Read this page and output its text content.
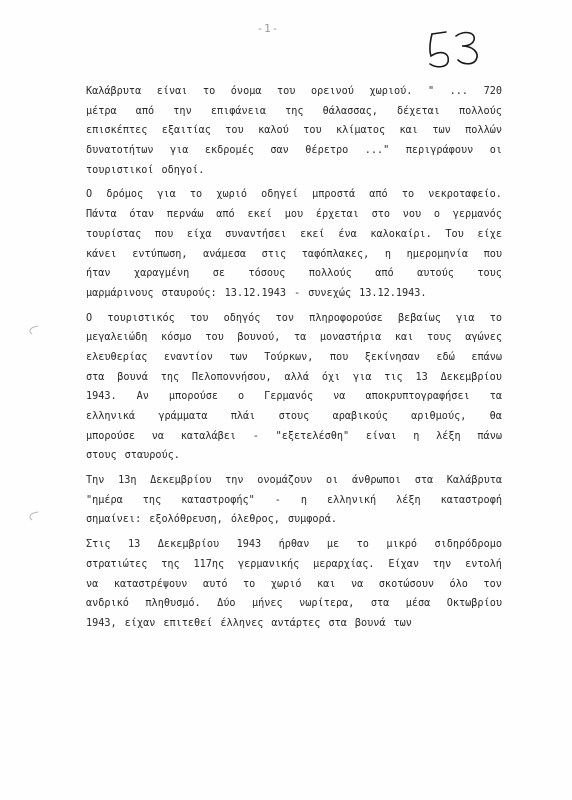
-1-
Καλάβρυτα είναι το όνομα του ορεινού χωριού. " ... 720
μέτρα από την επιφάνεια της θάλασσας, δέχεται πολλούς
επισκέπτες εξαιτίας του καλού του κλίματος και των πολλών
δυνατοτήτων για εκδρομές σαν θέρετρο ..." περιγράφουν οι
τουριστικοί οδηγοί.
Ο δρόμος για το χωριό οδηγεί μπροστά από το νεκροταφείο.
Πάντα όταν περνάω από εκεί μου έρχεται στο νου ο γερμανός
τουρίστας που είχα συναντήσει εκεί ένα καλοκαίρι. Του είχε
κάνει εντύπωση, ανάμεσα στις ταφόπλακες, η ημερομηνία που
ήταν χαραγμένη σε τόσους πολλούς από αυτούς τους
μαρμάρινους σταυρούς: 13.12.1943 - συνεχώς 13.12.1943.
Ο τουριστικός του οδηγός τον πληροφορούσε βεβαίως για το
μεγαλειώδη κόσμο του βουνού, τα μοναστήρια και τους αγώνες
ελευθερίας εναντίον των Τούρκων, που ξεκίνησαν εδώ επάνω
στα βουνά της Πελοποννήσου, αλλά όχι για τις 13 Δεκεμβρίου
1943. Αν μπορούσε ο Γερμανός να αποκρυπτογραφήσει τα
ελληνικά γράμματα πλάι στους αραβικούς αριθμούς, θα
μπορούσε να καταλάβει - "εξετελέσθη" είναι η λέξη πάνω
στους σταυρούς.
Την 13η Δεκεμβρίου την ονομάζουν οι άνθρωποι στα Καλάβρυτα
"ημέρα της καταστροφής" - η ελληνική λέξη καταστροφή
σημαίνει: εξολόθρευση, όλεθρος, συμφορά.
Στις 13 Δεκεμβρίου 1943 ήρθαν με το μικρό σιδηρόδρομο
στρατιώτες της 117ης γερμανικής μεραρχίας. Είχαν την εντολή
να καταστρέψουν αυτό το χωριό και να σκοτώσουν όλο τον
ανδρικό πληθυσμό. Δύο μήνες νωρίτερα, στα μέσα Οκτωβρίου
1943, είχαν επιτεθεί έλληνες αντάρτες στα βουνά των
